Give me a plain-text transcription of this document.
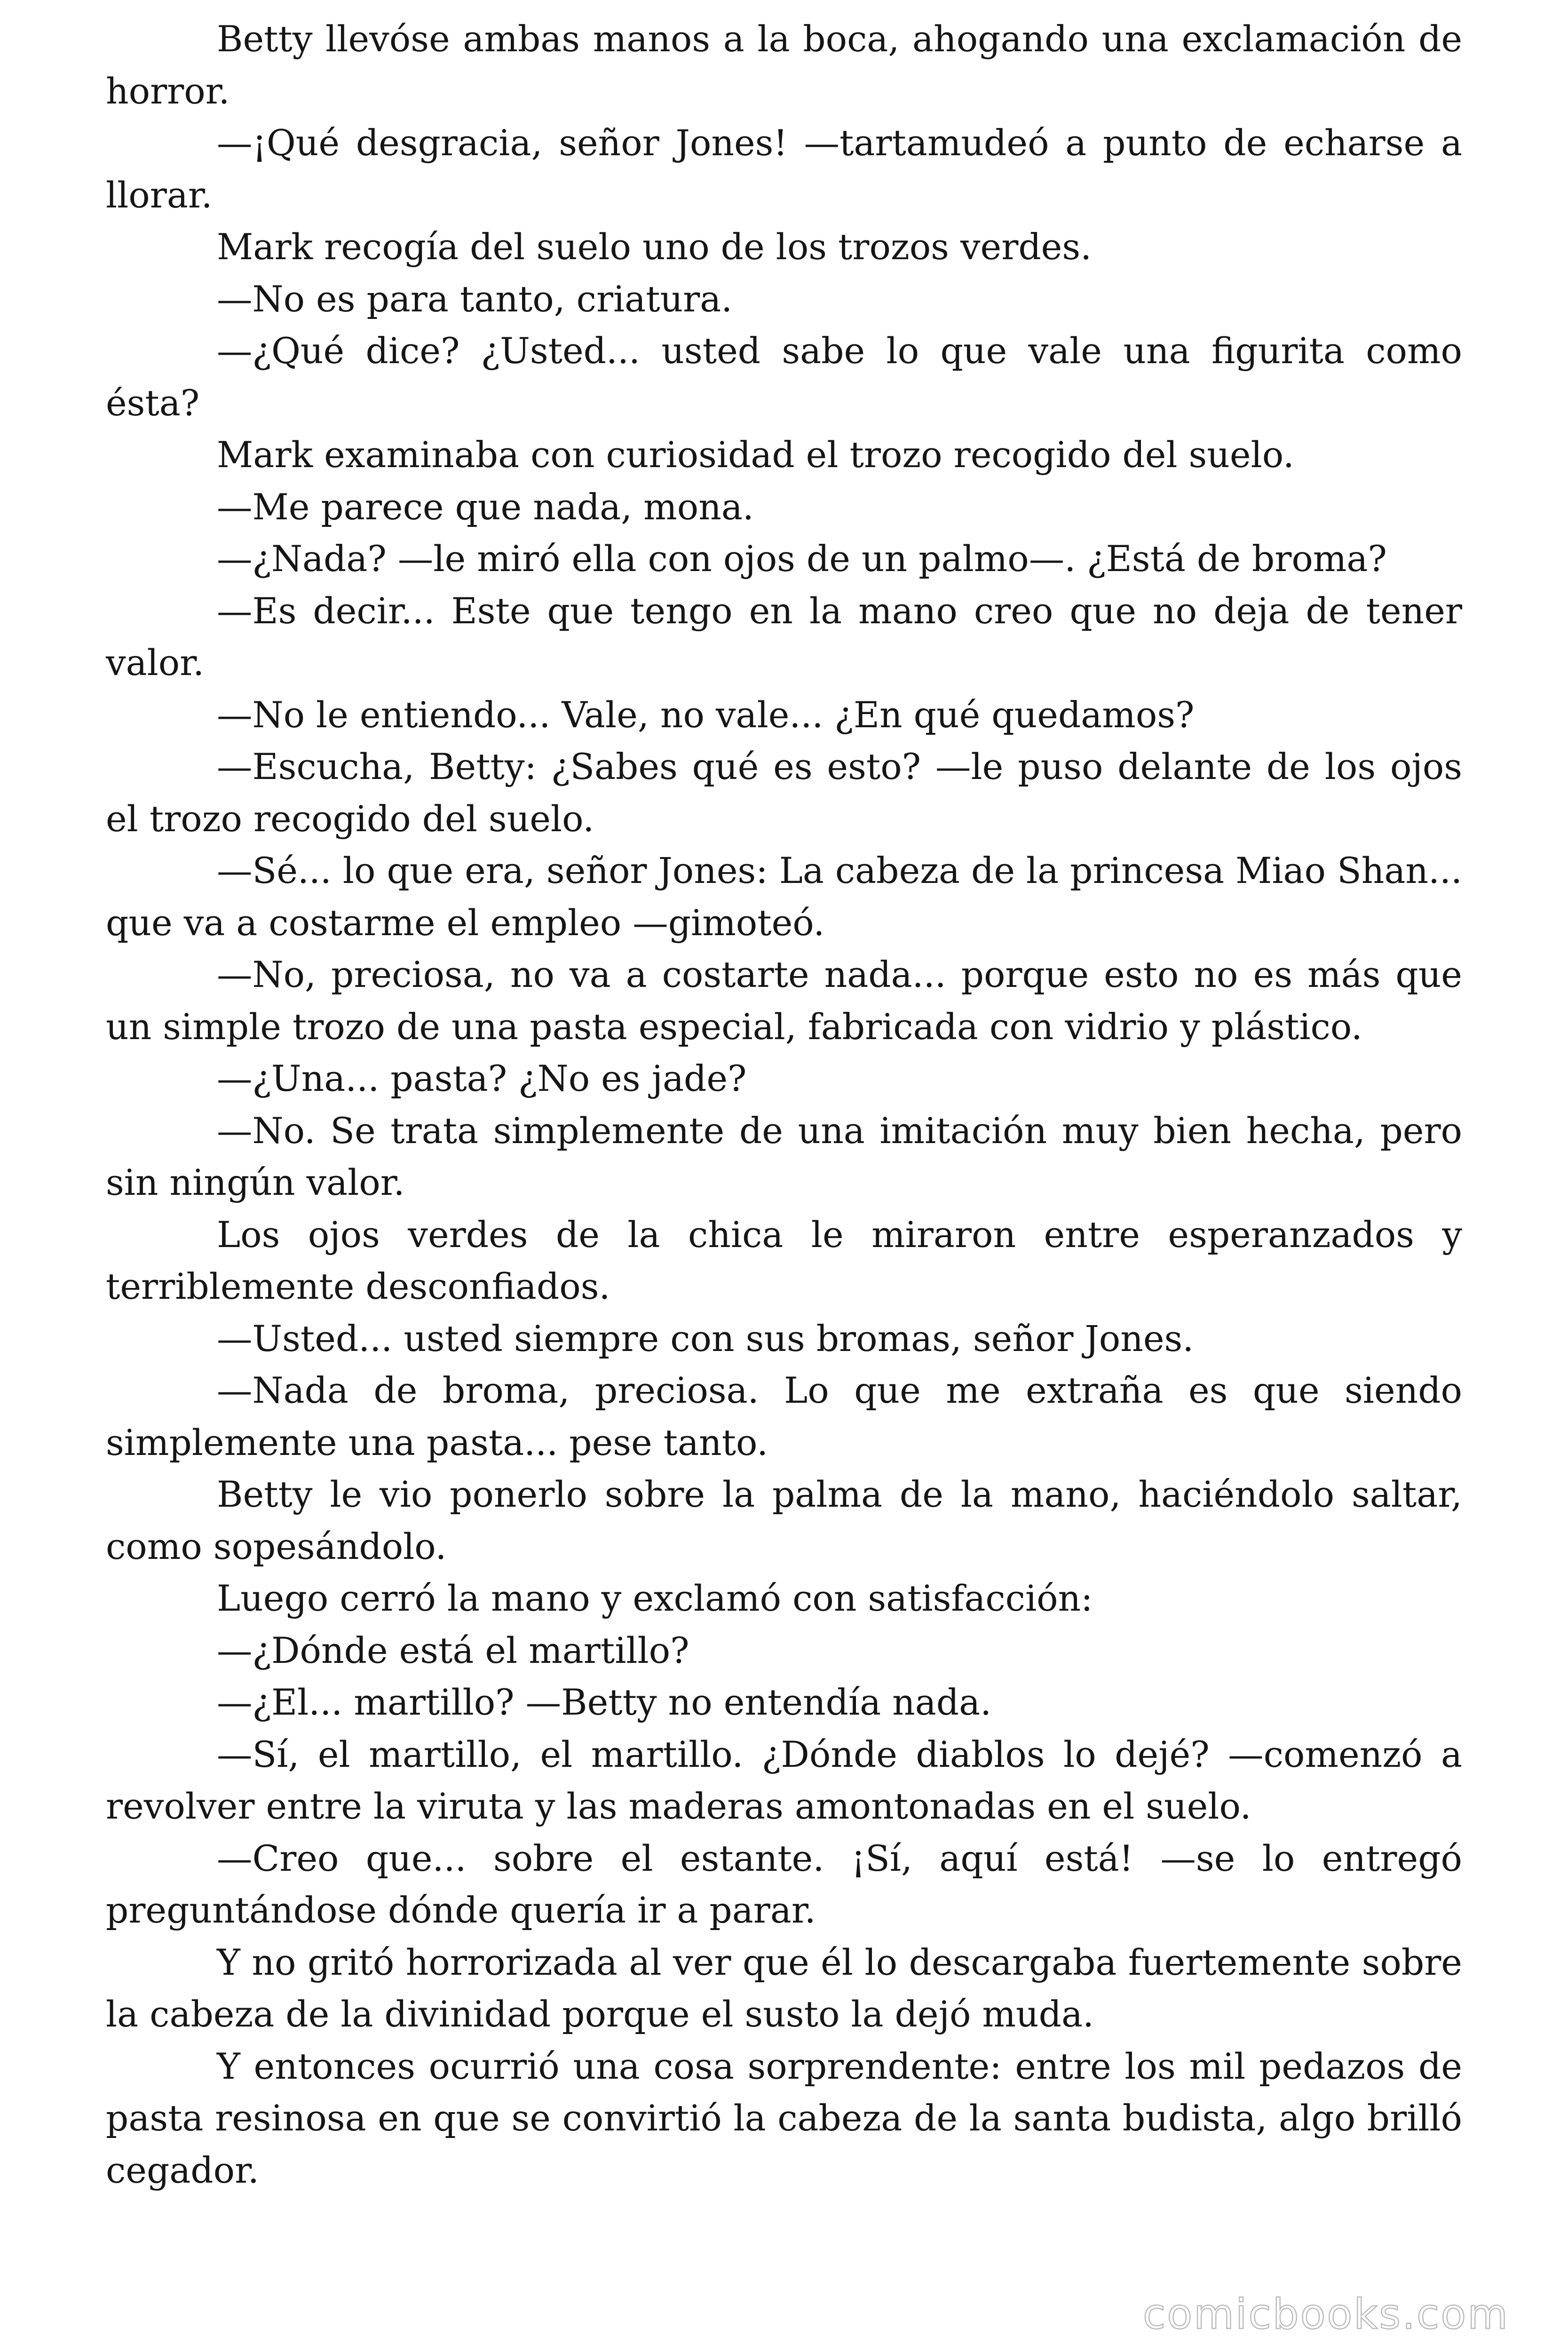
Betty llevóse ambas manos a la boca, ahogando una exclamación de horror.

—¡Qué desgracia, señor Jones! —tartamudeó a punto de echarse a llorar.

Mark recogía del suelo uno de los trozos verdes.

—No es para tanto, criatura.

—¿Qué dice? ¿Usted... usted sabe lo que vale una figurita como ésta?

Mark examinaba con curiosidad el trozo recogido del suelo.

—Me parece que nada, mona.

—¿Nada? —le miró ella con ojos de un palmo—. ¿Está de broma?

—Es decir... Este que tengo en la mano creo que no deja de tener valor.

—No le entiendo... Vale, no vale... ¿En qué quedamos?

—Escucha, Betty: ¿Sabes qué es esto? —le puso delante de los ojos el trozo recogido del suelo.

—Sé... lo que era, señor Jones: La cabeza de la princesa Miao Shan... que va a costarme el empleo —gimoteó.

—No, preciosa, no va a costarte nada... porque esto no es más que un simple trozo de una pasta especial, fabricada con vidrio y plástico.

—¿Una... pasta? ¿No es jade?

—No. Se trata simplemente de una imitación muy bien hecha, pero sin ningún valor.

Los ojos verdes de la chica le miraron entre esperanzados y terriblemente desconfiados.

—Usted... usted siempre con sus bromas, señor Jones.

—Nada de broma, preciosa. Lo que me extraña es que siendo simplemente una pasta... pese tanto.

Betty le vio ponerlo sobre la palma de la mano, haciéndolo saltar, como sopesándolo.

Luego cerró la mano y exclamó con satisfacción:

—¿Dónde está el martillo?

—¿El... martillo? —Betty no entendía nada.

—Sí, el martillo, el martillo. ¿Dónde diablos lo dejé? —comenzó a revolver entre la viruta y las maderas amontonadas en el suelo.

—Creo que... sobre el estante. ¡Sí, aquí está! —se lo entregó preguntándose dónde quería ir a parar.

Y no gritó horrorizada al ver que él lo descargaba fuertemente sobre la cabeza de la divinidad porque el susto la dejó muda.

Y entonces ocurrió una cosa sorprendente: entre los mil pedazos de pasta resinosa en que se convirtió la cabeza de la santa budista, algo brilló cegador.

comicbooks.com
